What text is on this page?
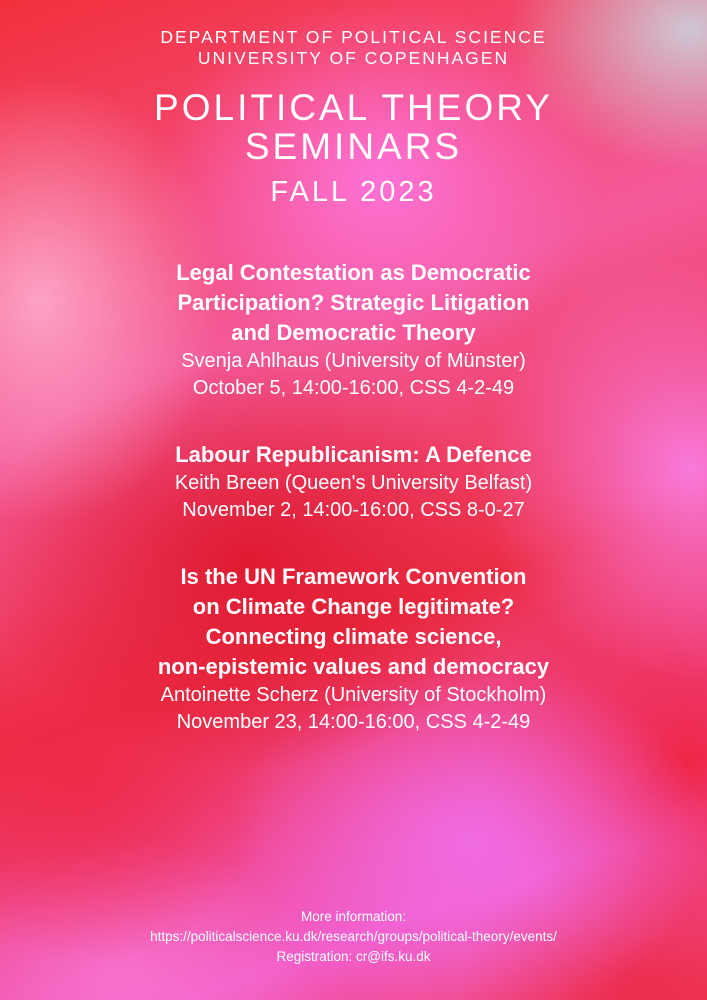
DEPARTMENT OF POLITICAL SCIENCE
UNIVERSITY OF COPENHAGEN
POLITICAL THEORY
SEMINARS
FALL 2023
Legal Contestation as Democratic
Participation? Strategic Litigation
and Democratic Theory
Svenja Ahlhaus (University of Münster)
October 5, 14:00-16:00, CSS 4-2-49
Labour Republicanism: A Defence
Keith Breen (Queen's University Belfast)
November 2, 14:00-16:00, CSS 8-0-27
Is the UN Framework Convention
on Climate Change legitimate?
Connecting climate science,
non-epistemic values and democracy
Antoinette Scherz (University of Stockholm)
November 23, 14:00-16:00, CSS 4-2-49
More information:
https://politicalscience.ku.dk/research/groups/political-theory/events/
Registration: cr@ifs.ku.dk
